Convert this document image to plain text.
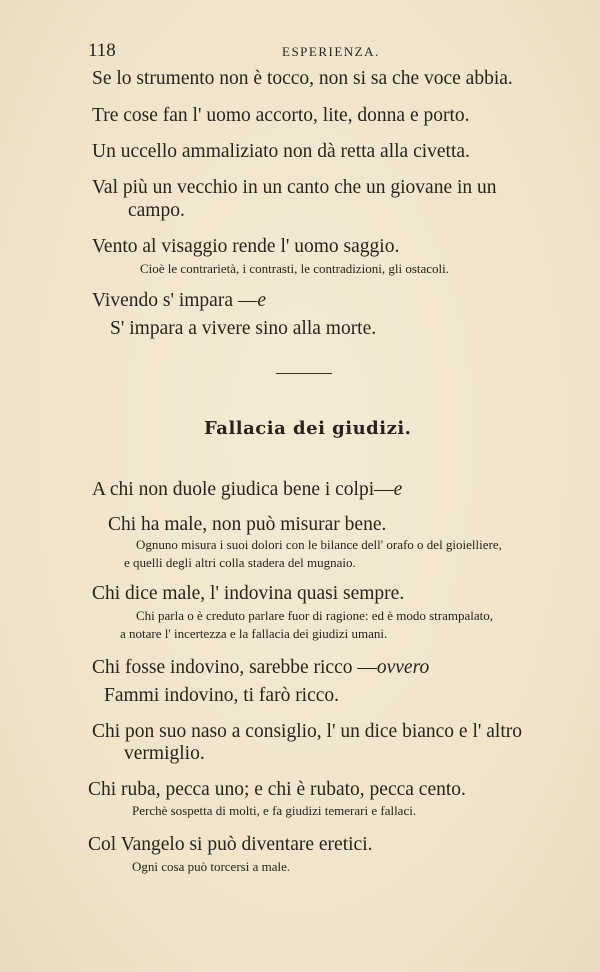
118	ESPERIENZA.
Se lo strumento non è tocco, non si sa che voce abbia.
Tre cose fan l' uomo accorto, lite, donna e porto.
Un uccello ammaliziato non dà retta alla civetta.
Val più un vecchio in un canto che un giovane in un
campo.
Vento al visaggio rende l' uomo saggio.
Cioè le contrarietà, i contrasti, le contradizioni, gli ostacoli.
Vivendo s' impara —e
S' impara a vivere sino alla morte.
Fallacia dei giudizi.
A chi non duole giudica bene i colpi—e
Chi ha male, non può misurar bene.
Ognuno misura i suoi dolori con le bilance dell' orafo o del gioielliere,
e quelli degli altri colla stadera del mugnaio.
Chi dice male, l' indovina quasi sempre.
Chi parla o è creduto parlare fuor di ragione: ed è modo strampalato,
a notare l' incertezza e la fallacia dei giudizi umani.
Chi fosse indovino, sarebbe ricco —ovvero
Fammi indovino, ti farò ricco.
Chi pon suo naso a consiglio, l' un dice bianco e l' altro
vermiglio.
Chi ruba, pecca uno; e chi è rubato, pecca cento.
Perchè sospetta di molti, e fa giudizi temerari e fallaci.
Col Vangelo si può diventare eretici.
Ogni cosa può torcersi a male.
